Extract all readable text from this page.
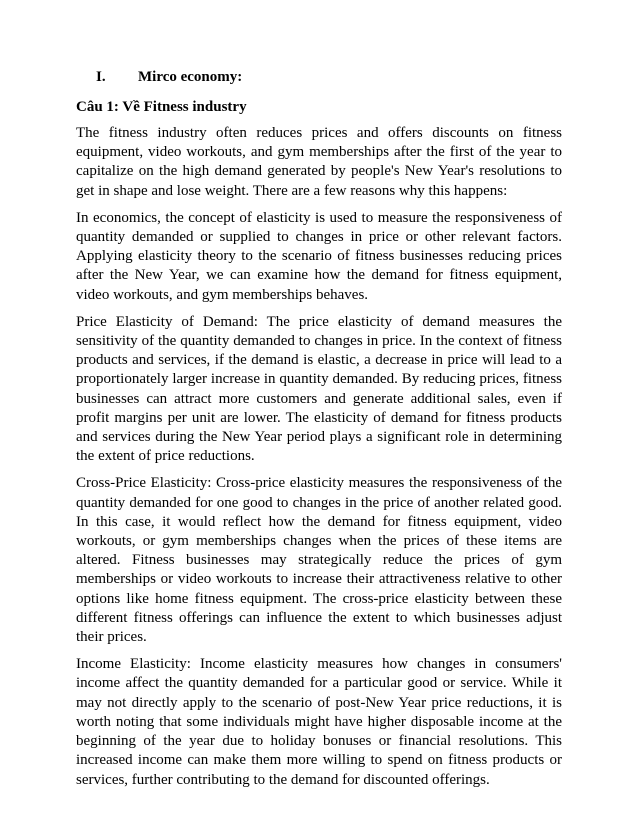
I.	Mirco economy:
Câu 1: Về Fitness industry

The fitness industry often reduces prices and offers discounts on fitness equipment, video workouts, and gym memberships after the first of the year to capitalize on the high demand generated by people's New Year's resolutions to get in shape and lose weight. There are a few reasons why this happens:

In economics, the concept of elasticity is used to measure the responsiveness of quantity demanded or supplied to changes in price or other relevant factors. Applying elasticity theory to the scenario of fitness businesses reducing prices after the New Year, we can examine how the demand for fitness equipment, video workouts, and gym memberships behaves.

Price Elasticity of Demand: The price elasticity of demand measures the sensitivity of the quantity demanded to changes in price. In the context of fitness products and services, if the demand is elastic, a decrease in price will lead to a proportionately larger increase in quantity demanded. By reducing prices, fitness businesses can attract more customers and generate additional sales, even if profit margins per unit are lower. The elasticity of demand for fitness products and services during the New Year period plays a significant role in determining the extent of price reductions.

Cross-Price Elasticity: Cross-price elasticity measures the responsiveness of the quantity demanded for one good to changes in the price of another related good. In this case, it would reflect how the demand for fitness equipment, video workouts, or gym memberships changes when the prices of these items are altered. Fitness businesses may strategically reduce the prices of gym memberships or video workouts to increase their attractiveness relative to other options like home fitness equipment. The cross-price elasticity between these different fitness offerings can influence the extent to which businesses adjust their prices.

Income Elasticity: Income elasticity measures how changes in consumers' income affect the quantity demanded for a particular good or service. While it may not directly apply to the scenario of post-New Year price reductions, it is worth noting that some individuals might have higher disposable income at the beginning of the year due to holiday bonuses or financial resolutions. This increased income can make them more willing to spend on fitness products or services, further contributing to the demand for discounted offerings.
